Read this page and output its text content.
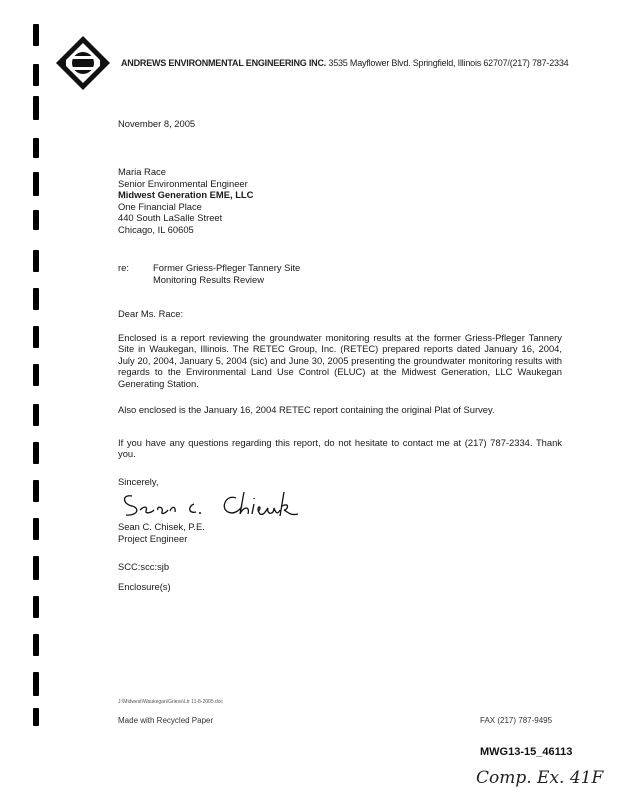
ANDREWS ENVIRONMENTAL ENGINEERING INC. 3535 Mayflower Blvd. Springfield, Illinois 62707/(217) 787-2334
November 8, 2005
Maria Race
Senior Environmental Engineer
Midwest Generation EME, LLC
One Financial Place
440 South LaSalle Street
Chicago, IL 60605
re:	Former Griess-Pfleger Tannery Site
Monitoring Results Review
Dear Ms. Race:
Enclosed is a report reviewing the groundwater monitoring results at the former Griess-Pfleger Tannery Site in Waukegan, Illinois. The RETEC Group, Inc. (RETEC) prepared reports dated January 16, 2004, July 20, 2004, January 5, 2004 (sic) and June 30, 2005 presenting the groundwater monitoring results with regards to the Environmental Land Use Control (ELUC) at the Midwest Generation, LLC Waukegan Generating Station.
Also enclosed is the January 16, 2004 RETEC report containing the original Plat of Survey.
If you have any questions regarding this report, do not hesitate to contact me at (217) 787-2334. Thank you.
Sincerely,
Sean C. Chisek, P.E.
Project Engineer
SCC:scc:sjb
Enclosure(s)
J:\Midwest\Waukegan\Griess\Ltr 11-8-2005.doc
Made with Recycled Paper	FAX (217) 787-9495
MWG13-15_46113
Comp. Ex. 41F
